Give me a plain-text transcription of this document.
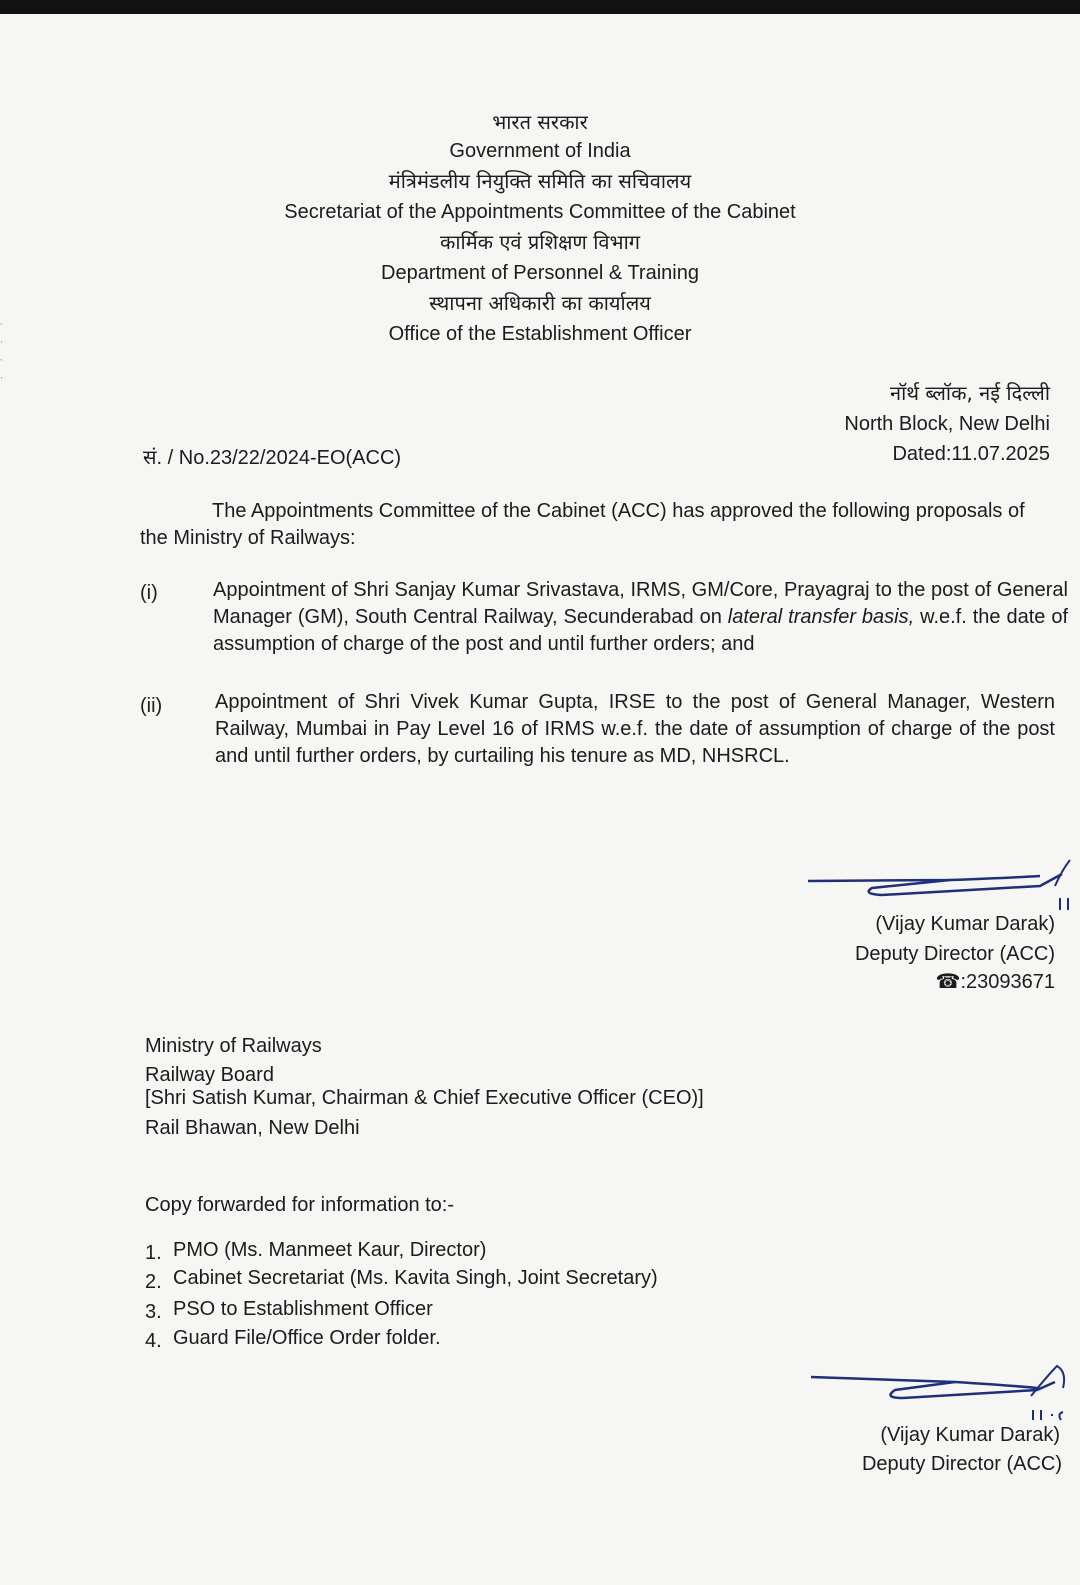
ˎ
ˏ
ˎ
ˏ
भारत सरकार
Government of India
मंत्रिमंडलीय नियुक्ति समिति का सचिवालय
Secretariat of the Appointments Committee of the Cabinet
कार्मिक एवं प्रशिक्षण विभाग
Department of Personnel & Training
स्थापना अधिकारी का कार्यालय
Office of the Establishment Officer
नॉर्थ ब्लॉक, नई दिल्ली
North Block, New Delhi
Dated:11.07.2025
सं. / No.23/22/2024-EO(ACC)
The Appointments Committee of the Cabinet (ACC) has approved the following proposals of the Ministry of Railways:
(i)	Appointment of Shri Sanjay Kumar Srivastava, IRMS, GM/Core, Prayagraj to the post of General Manager (GM), South Central Railway, Secunderabad on lateral transfer basis, w.e.f. the date of assumption of charge of the post and until further orders; and
(ii)	Appointment of Shri Vivek Kumar Gupta, IRSE to the post of General Manager, Western Railway, Mumbai in Pay Level 16 of IRMS w.e.f. the date of assumption of charge of the post and until further orders, by curtailing his tenure as MD, NHSRCL.
(Vijay Kumar Darak)
Deputy Director (ACC)
☎:23093671
Ministry of Railways
Railway Board
[Shri Satish Kumar, Chairman & Chief Executive Officer (CEO)]
Rail Bhawan, New Delhi
Copy forwarded for information to:-
1. PMO (Ms. Manmeet Kaur, Director)
2. Cabinet Secretariat (Ms. Kavita Singh, Joint Secretary)
3. PSO to Establishment Officer
4. Guard File/Office Order folder.
(Vijay Kumar Darak)
Deputy Director (ACC)
